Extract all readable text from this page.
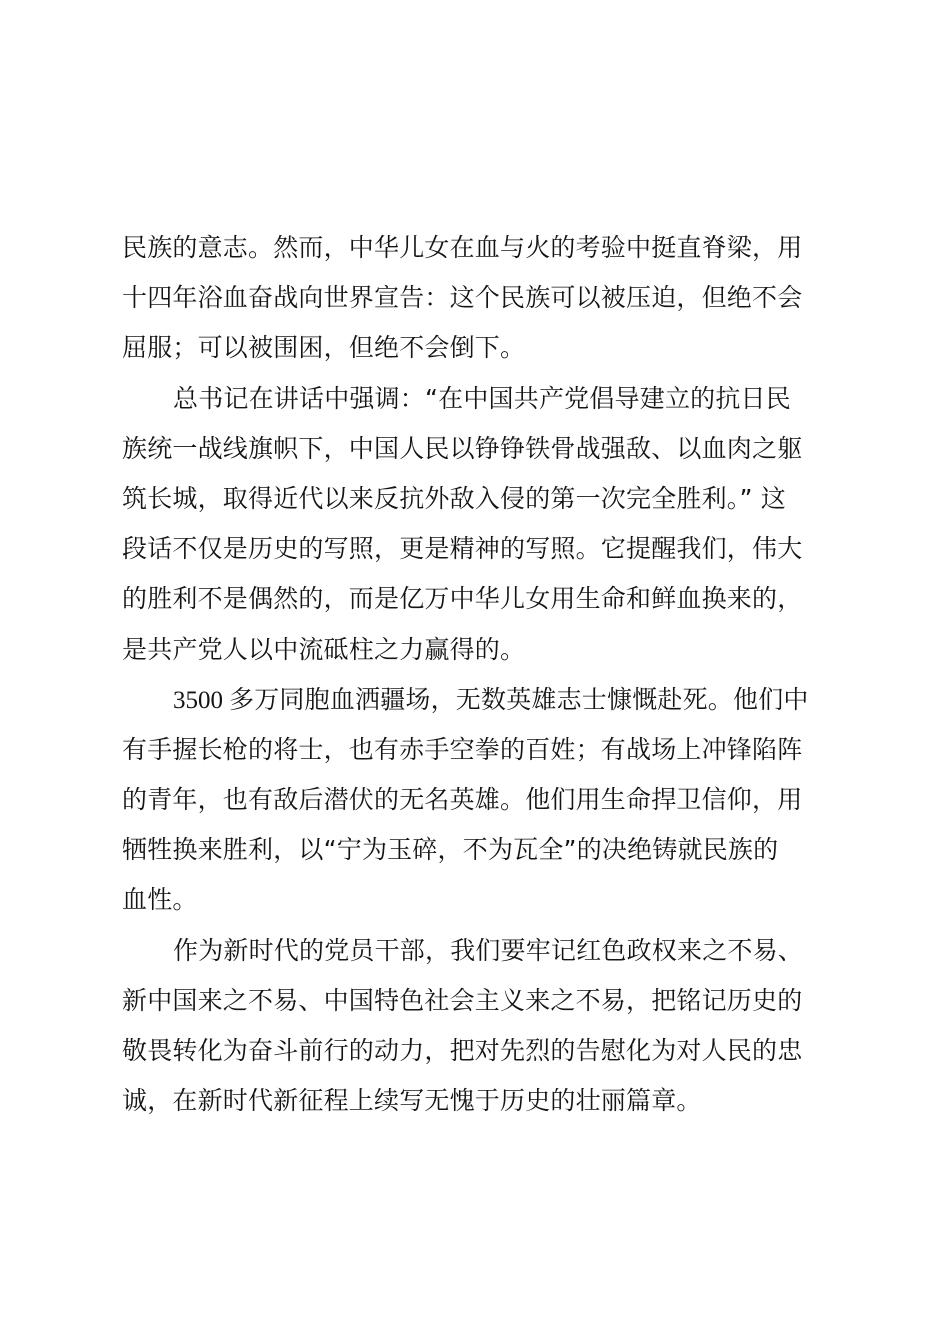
民族的意志。然而，中华儿女在血与火的考验中挺直脊梁，用
十四年浴血奋战向世界宣告：这个民族可以被压迫，但绝不会
屈服；可以被围困，但绝不会倒下。
总书记在讲话中强调：“在中国共产党倡导建立的抗日民
族统一战线旗帜下，中国人民以铮铮铁骨战强敌、以血肉之躯
筑长城，取得近代以来反抗外敌入侵的第一次完全胜利。” 这
段话不仅是历史的写照，更是精神的写照。它提醒我们，伟大
的胜利不是偶然的，而是亿万中华儿女用生命和鲜血换来的，
是共产党人以中流砥柱之力赢得的。
3500 多万同胞血洒疆场，无数英雄志士慷慨赴死。他们中
有手握长枪的将士，也有赤手空拳的百姓；有战场上冲锋陷阵
的青年，也有敌后潜伏的无名英雄。他们用生命捍卫信仰，用
牺牲换来胜利，以“宁为玉碎，不为瓦全”的决绝铸就民族的
血性。
作为新时代的党员干部，我们要牢记红色政权来之不易、
新中国来之不易、中国特色社会主义来之不易，把铭记历史的
敬畏转化为奋斗前行的动力，把对先烈的告慰化为对人民的忠
诚，在新时代新征程上续写无愧于历史的壮丽篇章。
